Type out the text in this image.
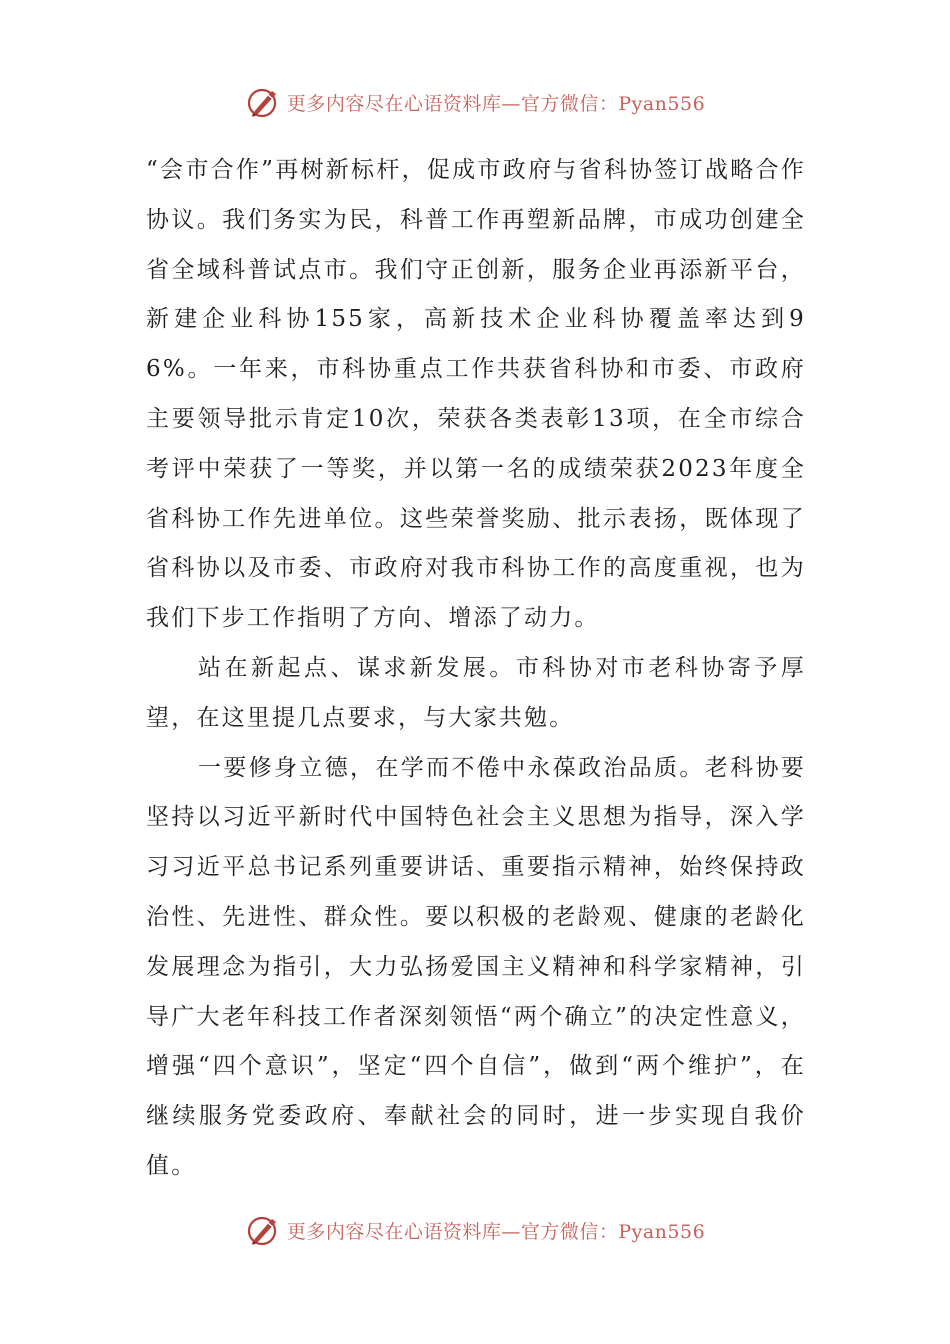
更多内容尽在心语资料库—官方微信：Pyan556

“会市合作”再树新标杆，促成市政府与省科协签订战略合作协议。我们务实为民，科普工作再塑新品牌，市成功创建全省全域科普试点市。我们守正创新，服务企业再添新平台，新建企业科协155家，高新技术企业科协覆盖率达到96%。一年来，市科协重点工作共获省科协和市委、市政府主要领导批示肯定10次，荣获各类表彰13项，在全市综合考评中荣获了一等奖，并以第一名的成绩荣获2023年度全省科协工作先进单位。这些荣誉奖励、批示表扬，既体现了省科协以及市委、市政府对我市科协工作的高度重视，也为我们下步工作指明了方向、增添了动力。

站在新起点、谋求新发展。市科协对市老科协寄予厚望，在这里提几点要求，与大家共勉。

一要修身立德，在学而不倦中永葆政治品质。老科协要坚持以习近平新时代中国特色社会主义思想为指导，深入学习习近平总书记系列重要讲话、重要指示精神，始终保持政治性、先进性、群众性。要以积极的老龄观、健康的老龄化发展理念为指引，大力弘扬爱国主义精神和科学家精神，引导广大老年科技工作者深刻领悟“两个确立”的决定性意义，增强“四个意识”，坚定“四个自信”，做到“两个维护”，在继续服务党委政府、奉献社会的同时，进一步实现自我价值。

更多内容尽在心语资料库—官方微信：Pyan556
